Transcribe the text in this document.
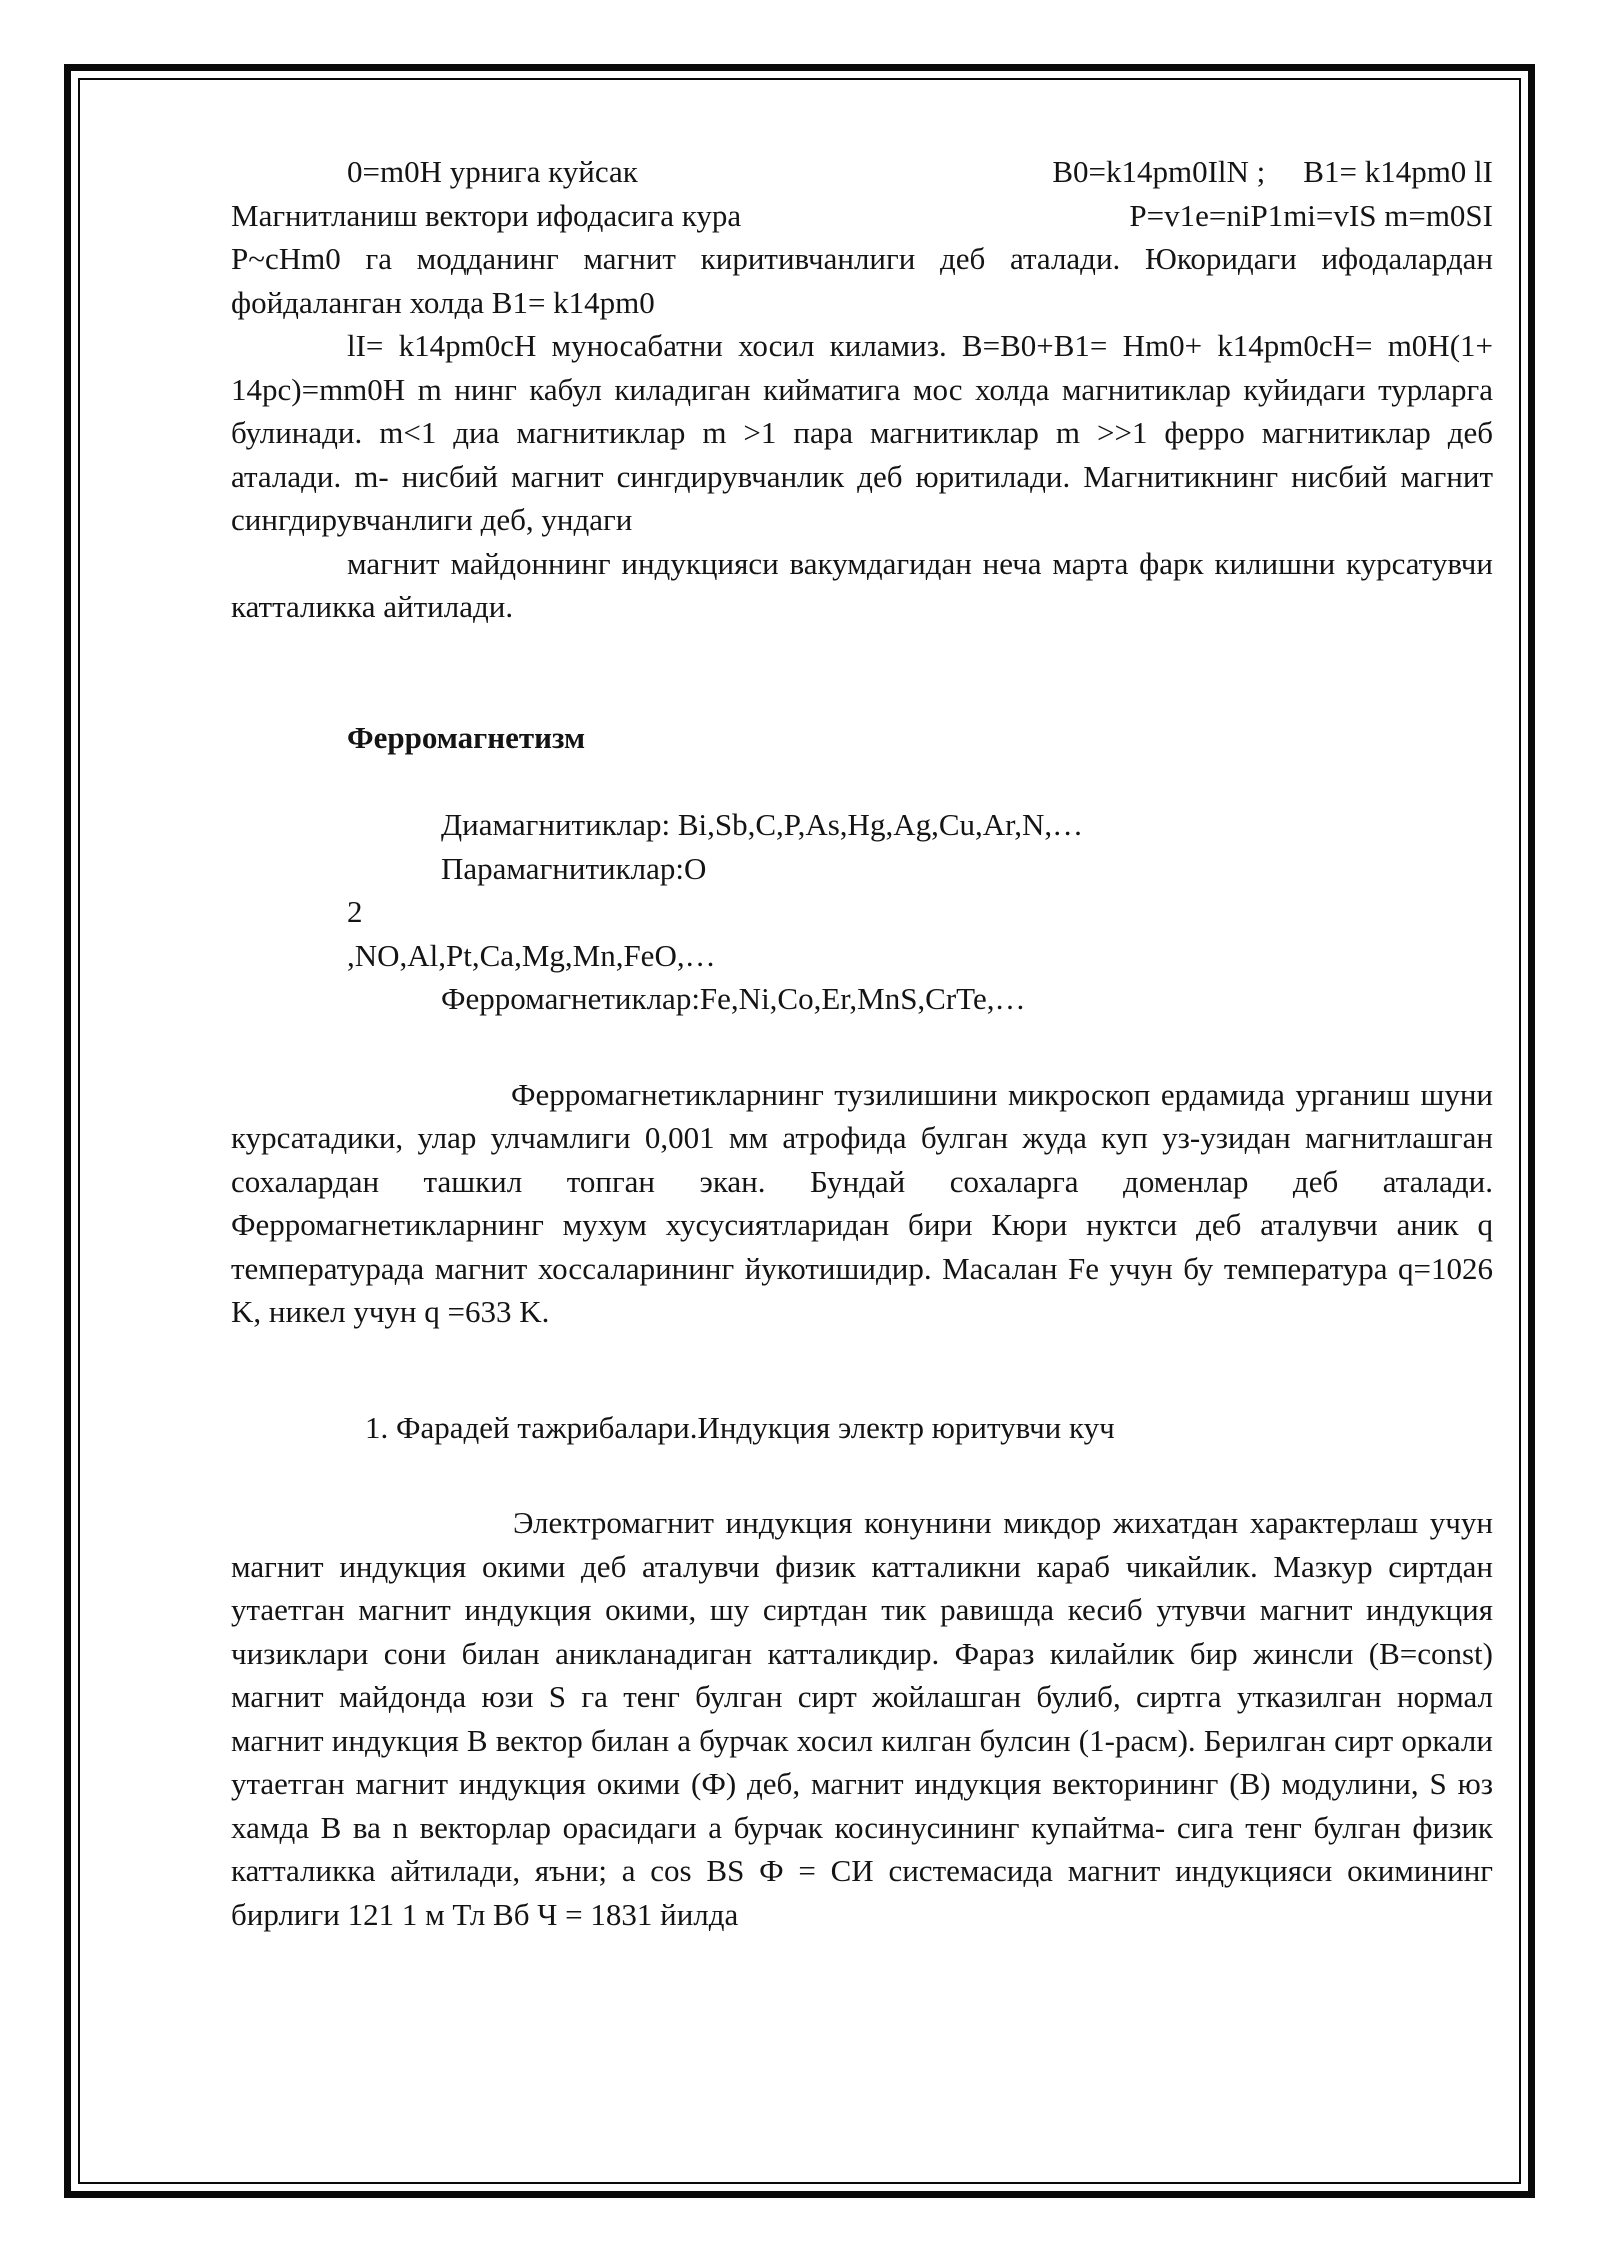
0=m0H урнига куйсак	B0=k14pm0IlN ; B1= k14pm0 lI
Магнитланиш вектори ифодасига кура	P=v1e=niP1mi=vIS m=m0SI

P~cHm0 га модданинг магнит киритивчанлиги деб аталади. Юкоридаги ифодалардан фойдаланган холда B1= k14pm0

lI= k14pm0cH муносабатни хосил киламиз. B=B0+B1= Hm0+ k14pm0cH= m0H(1+ 14pc)=mm0H m нинг кабул киладиган кийматига мос холда магнитиклар куйидаги турларга булинади. m<1 диа магнитиклар m >1 пара магнитиклар m >>1 ферро магнитиклар деб аталади. m- нисбий магнит сингдирувчанлик деб юритилади. Магнитикнинг нисбий магнит сингдирувчанлиги деб, ундаги

магнит майдоннинг индукцияси вакумдагидан неча марта фарк килишни курсатувчи катталикка айтилади.

Ферромагнетизм

Диамагнитиклар: Bi,Sb,C,P,As,Hg,Ag,Cu,Ar,N,…

Парамагнитиклар:O

2

,NO,Al,Pt,Ca,Mg,Mn,FeO,…

Ферромагнетиклар:Fe,Ni,Co,Er,MnS,CrTe,…

Ферромагнетикларнинг тузилишини микроскоп ердамида урганиш шуни курсатадики, улар улчамлиги 0,001 мм атрофида булган жуда куп уз-узидан магнитлашган сохалардан ташкил топган экан. Бундай сохаларга доменлар деб аталади. Ферромагнетикларнинг мухум хусусиятларидан бири Кюри нуктси деб аталувчи аник q температурада магнит хоссаларининг йукотишидир. Масалан Fe учун бу температура q=1026 K, никел учун q =633 K.

1. Фарадей тажрибалари.Индукция электр юритувчи куч

Электромагнит индукция конунини микдор жихатдан характерлаш учун магнит индукция окими деб аталувчи физик катталикни караб чикайлик. Мазкур сиртдан утаетган магнит индукция окими, шу сиртдан тик равишда кесиб утувчи магнит индукция чизиклари сони билан аникланадиган катталикдир. Фараз килайлик бир жинсли (B=const) магнит майдонда юзи S га тенг булган сирт жойлашган булиб, сиртга утказилган нормал магнит индукция B вектор билан а бурчак хосил килган булсин (1-расм). Берилган сирт оркали утаетган магнит индукция окими (Ф) деб, магнит индукция векторининг (B) модулини, S юз хамда B ва n векторлар орасидаги а бурчак косинусининг купайтма- сига тенг булган физик катталикка айтилади, яъни; a cos BS Ф = СИ системасида магнит индукцияси окимининг бирлиги 121 1 м Тл Вб Ч = 1831 йилда
